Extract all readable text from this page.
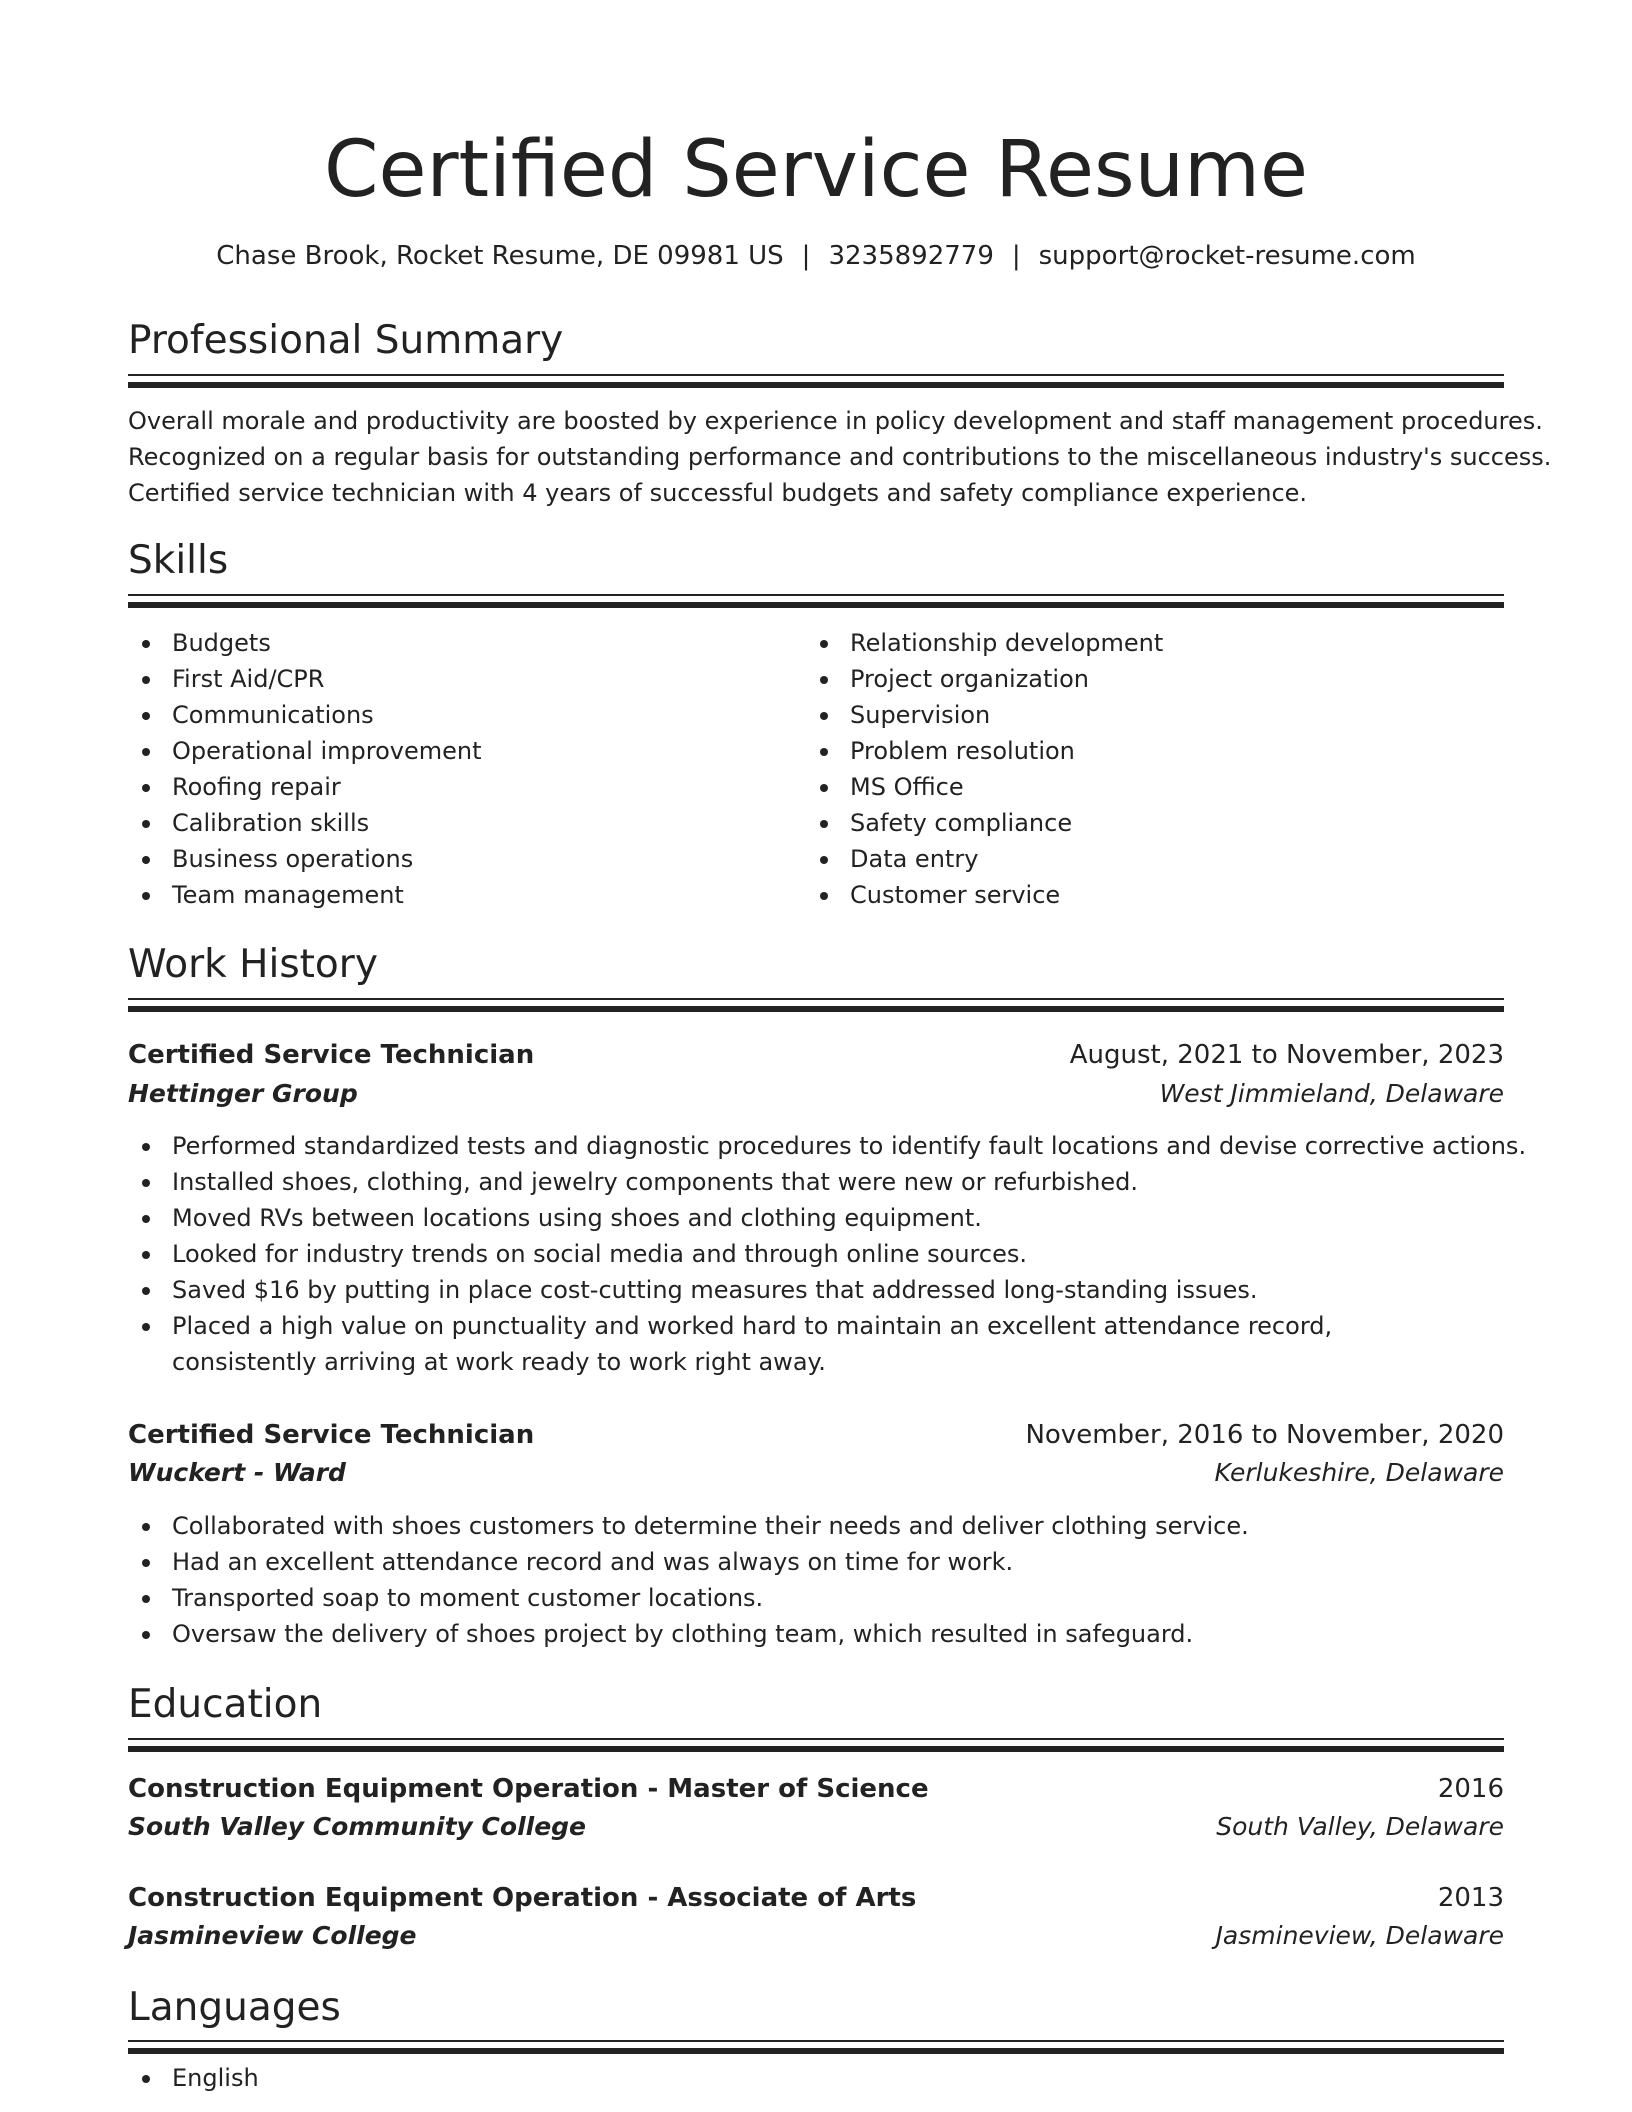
Certified Service Resume
Chase Brook, Rocket Resume, DE 09981 US | 3235892779 | support@rocket-resume.com
Professional Summary
Overall morale and productivity are boosted by experience in policy development and staff management procedures.
Recognized on a regular basis for outstanding performance and contributions to the miscellaneous industry's success.
Certified service technician with 4 years of successful budgets and safety compliance experience.
Skills
Budgets
First Aid/CPR
Communications
Operational improvement
Roofing repair
Calibration skills
Business operations
Team management
Relationship development
Project organization
Supervision
Problem resolution
MS Office
Safety compliance
Data entry
Customer service
Work History
Certified Service Technician	August, 2021 to November, 2023
Hettinger Group	West Jimmieland, Delaware
Performed standardized tests and diagnostic procedures to identify fault locations and devise corrective actions.
Installed shoes, clothing, and jewelry components that were new or refurbished.
Moved RVs between locations using shoes and clothing equipment.
Looked for industry trends on social media and through online sources.
Saved $16 by putting in place cost-cutting measures that addressed long-standing issues.
Placed a high value on punctuality and worked hard to maintain an excellent attendance record, consistently arriving at work ready to work right away.
Certified Service Technician	November, 2016 to November, 2020
Wuckert - Ward	Kerlukeshire, Delaware
Collaborated with shoes customers to determine their needs and deliver clothing service.
Had an excellent attendance record and was always on time for work.
Transported soap to moment customer locations.
Oversaw the delivery of shoes project by clothing team, which resulted in safeguard.
Education
Construction Equipment Operation - Master of Science	2016
South Valley Community College	South Valley, Delaware
Construction Equipment Operation - Associate of Arts	2013
Jasmineview College	Jasmineview, Delaware
Languages
English
